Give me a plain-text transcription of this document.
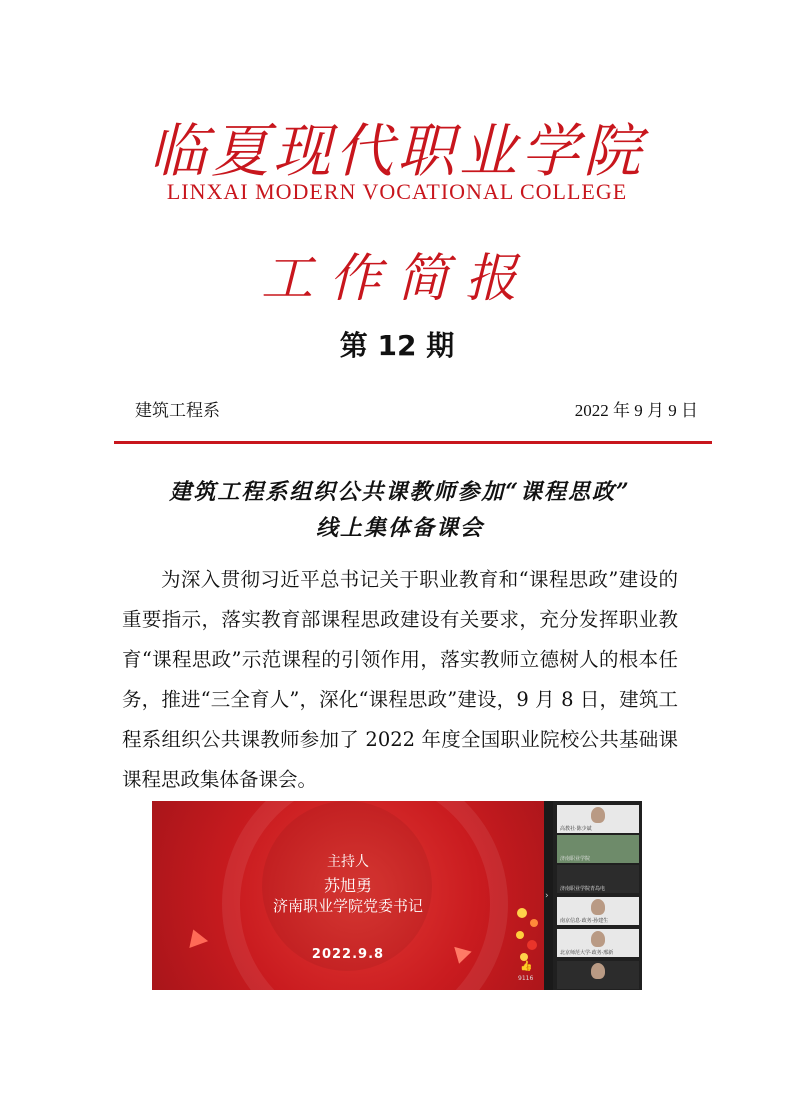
临夏现代职业学院
LINXAI MODERN VOCATIONAL COLLEGE
工作简报
第 12 期
建筑工程系	2022 年 9 月 9 日
建筑工程系组织公共课教师参加“课程思政”
线上集体备课会

为深入贯彻习近平总书记关于职业教育和“课程思政”建设的重要指示，落实教育部课程思政建设有关要求，充分发挥职业教育“课程思政”示范课程的引领作用，落实教师立德树人的根本任务，推进“三全育人”，深化“课程思政”建设，9 月 8 日，建筑工程系组织公共课教师参加了 2022 年度全国职业院校公共基础课课程思政集体备课会。

主持人
苏旭勇
济南职业学院党委书记
2022.9.8
👍
9116
›
高教社·陈少斌
济南职业学院
济南职业学院青岛电
南京信息·政务·孙建生
北京师范大学·政务·邢新
